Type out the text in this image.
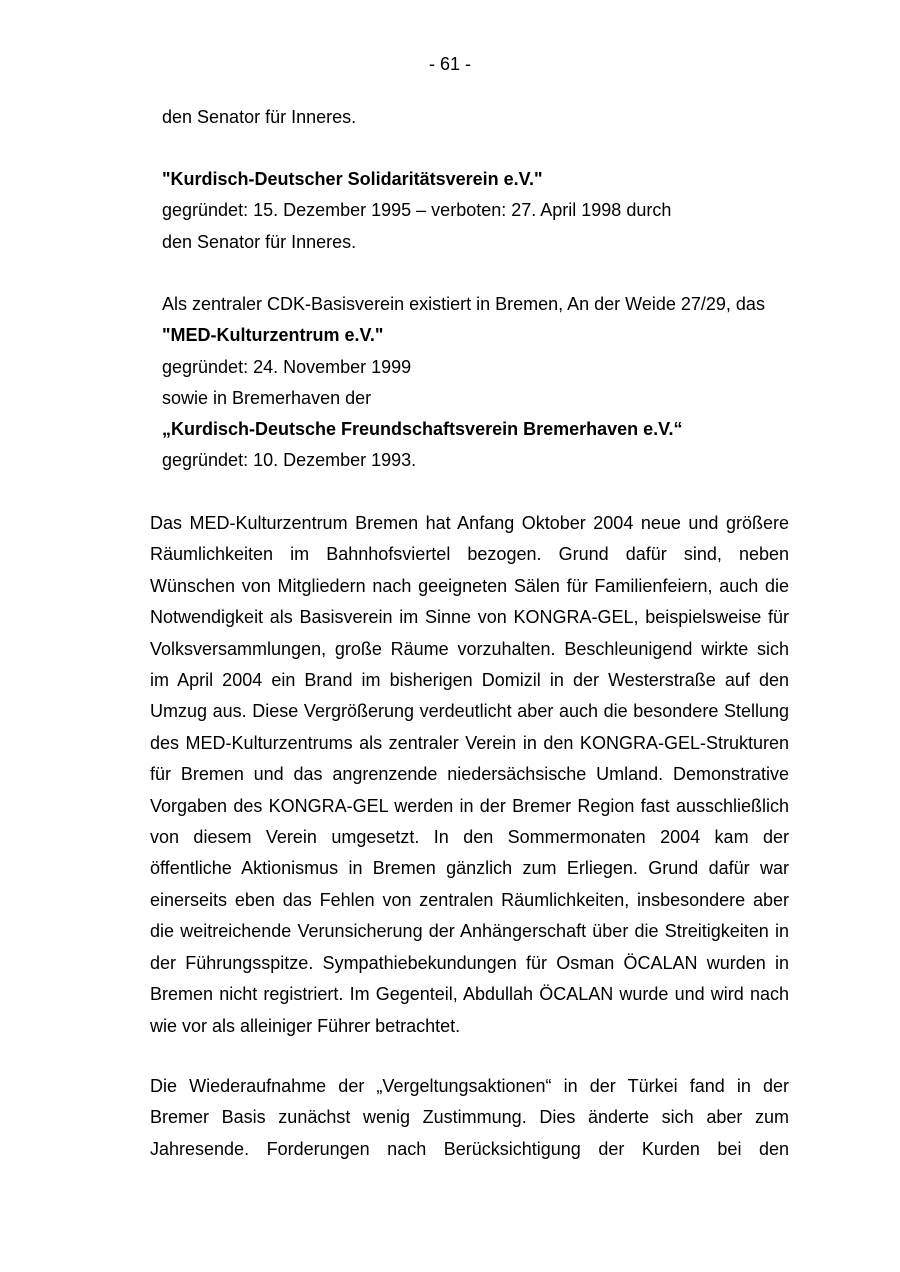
- 61 -
den Senator für Inneres.
"Kurdisch-Deutscher Solidaritätsverein e.V."
gegründet: 15. Dezember 1995 – verboten: 27. April 1998 durch
den Senator für Inneres.
Als zentraler CDK-Basisverein existiert in Bremen, An der Weide 27/29, das
"MED-Kulturzentrum e.V."
gegründet: 24. November 1999
sowie in Bremerhaven der
„Kurdisch-Deutsche Freundschaftsverein Bremerhaven e.V.“
gegründet: 10. Dezember 1993.
Das MED-Kulturzentrum Bremen hat Anfang Oktober 2004 neue und größere
Räumlichkeiten im Bahnhofsviertel bezogen. Grund dafür sind, neben
Wünschen von Mitgliedern nach geeigneten Sälen für Familienfeiern, auch die
Notwendigkeit als Basisverein im Sinne von KONGRA-GEL, beispielsweise für
Volksversammlungen, große Räume vorzuhalten. Beschleunigend wirkte sich
im April 2004 ein Brand im bisherigen Domizil in der Westerstraße auf den
Umzug aus. Diese Vergrößerung verdeutlicht aber auch die besondere Stellung
des MED-Kulturzentrums als zentraler Verein in den KONGRA-GEL-Strukturen
für Bremen und das angrenzende niedersächsische Umland. Demonstrative
Vorgaben des KONGRA-GEL werden in der Bremer Region fast ausschließlich
von diesem Verein umgesetzt. In den Sommermonaten 2004 kam der
öffentliche Aktionismus in Bremen gänzlich zum Erliegen. Grund dafür war
einerseits eben das Fehlen von zentralen Räumlichkeiten, insbesondere aber
die weitreichende Verunsicherung der Anhängerschaft über die Streitigkeiten in
der Führungsspitze. Sympathiebekundungen für Osman ÖCALAN wurden in
Bremen nicht registriert. Im Gegenteil, Abdullah ÖCALAN wurde und wird nach
wie vor als alleiniger Führer betrachtet.
Die Wiederaufnahme der „Vergeltungsaktionen“ in der Türkei fand in der
Bremer Basis zunächst wenig Zustimmung. Dies änderte sich aber zum
Jahresende. Forderungen nach Berücksichtigung der Kurden bei den
